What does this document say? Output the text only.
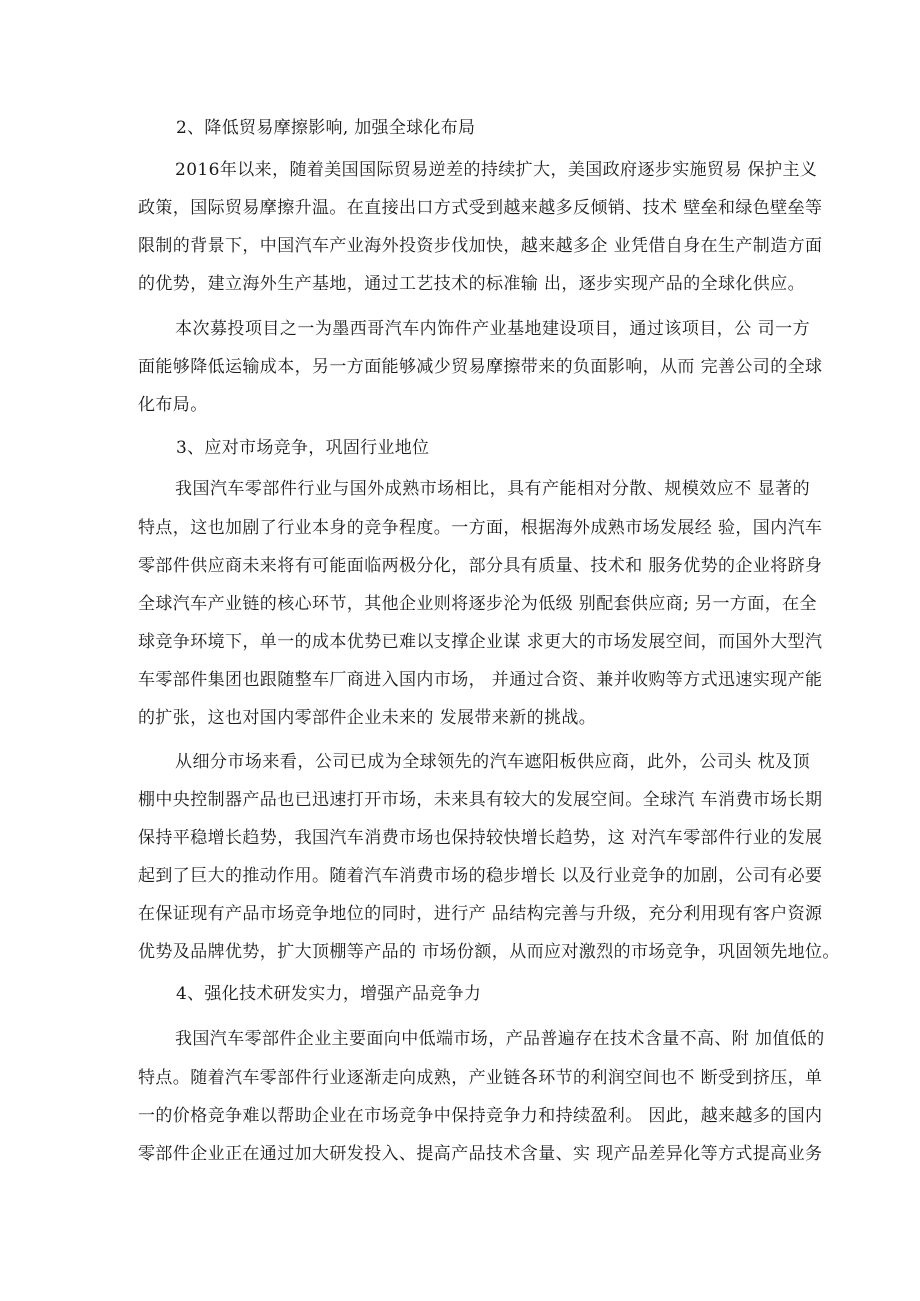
2、降低贸易摩擦影响, 加强全球化布局
2016年以来，随着美国国际贸易逆差的持续扩大，美国政府逐步实施贸易 保护主义
政策，国际贸易摩擦升温。在直接出口方式受到越来越多反倾销、技术 壁垒和绿色壁垒等
限制的背景下，中国汽车产业海外投资步伐加快，越来越多企 业凭借自身在生产制造方面
的优势，建立海外生产基地，通过工艺技术的标准输 出，逐步实现产品的全球化供应。
本次募投项目之一为墨西哥汽车内饰件产业基地建设项目，通过该项目，公 司一方
面能够降低运输成本，另一方面能够减少贸易摩擦带来的负面影响，从而 完善公司的全球
化布局。
3、应对市场竞争，巩固行业地位
我国汽车零部件行业与国外成熟市场相比，具有产能相对分散、规模效应不 显著的
特点，这也加剧了行业本身的竞争程度。一方面，根据海外成熟市场发展经 验，国内汽车
零部件供应商未来将有可能面临两极分化，部分具有质量、技术和 服务优势的企业将跻身
全球汽车产业链的核心环节，其他企业则将逐步沦为低级 别配套供应商; 另一方面，在全
球竞争环境下，单一的成本优势已难以支撑企业谋 求更大的市场发展空间，而国外大型汽
车零部件集团也跟随整车厂商进入国内市场， 并通过合资、兼并收购等方式迅速实现产能
的扩张，这也对国内零部件企业未来的 发展带来新的挑战。
从细分市场来看，公司已成为全球领先的汽车遮阳板供应商，此外，公司头 枕及顶
棚中央控制器产品也已迅速打开市场，未来具有较大的发展空间。全球汽 车消费市场长期
保持平稳增长趋势，我国汽车消费市场也保持较快增长趋势，这 对汽车零部件行业的发展
起到了巨大的推动作用。随着汽车消费市场的稳步增长 以及行业竞争的加剧，公司有必要
在保证现有产品市场竞争地位的同时，进行产 品结构完善与升级，充分利用现有客户资源
优势及品牌优势，扩大顶棚等产品的 市场份额，从而应对激烈的市场竞争，巩固领先地位。
4、强化技术研发实力，增强产品竞争力
我国汽车零部件企业主要面向中低端市场，产品普遍存在技术含量不高、附 加值低的
特点。随着汽车零部件行业逐渐走向成熟，产业链各环节的利润空间也不 断受到挤压，单
一的价格竞争难以帮助企业在市场竞争中保持竞争力和持续盈利。 因此，越来越多的国内
零部件企业正在通过加大研发投入、提高产品技术含量、实 现产品差异化等方式提高业务
